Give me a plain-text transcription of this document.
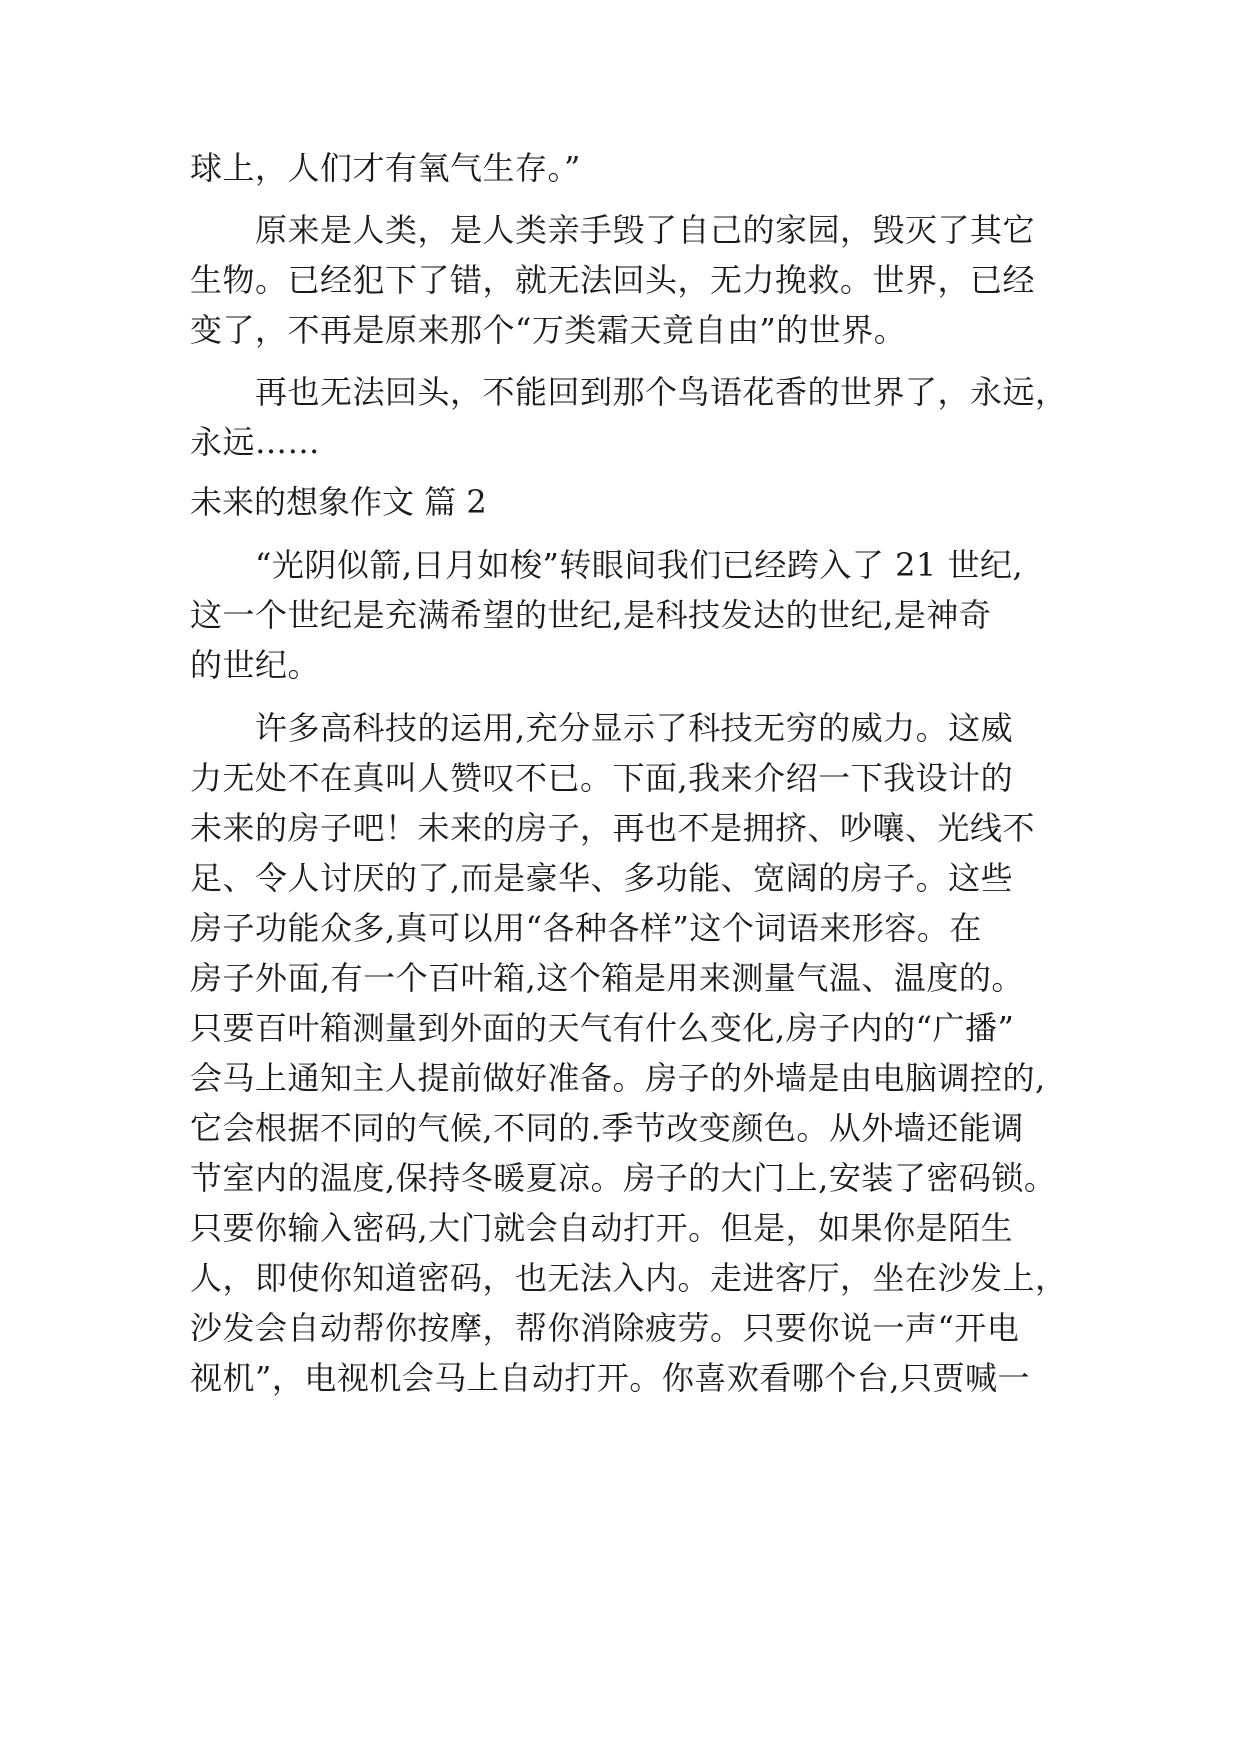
球上，人们才有氧气生存。”
　　原来是人类，是人类亲手毁了自己的家园，毁灭了其它
生物。已经犯下了错，就无法回头，无力挽救。世界，已经
变了，不再是原来那个“万类霜天竟自由”的世界。
　　再也无法回头，不能回到那个鸟语花香的世界了，永远，
永远……
未来的想象作文 篇 2
　　“光阴似箭,日月如梭”转眼间我们已经跨入了 21 世纪,
这一个世纪是充满希望的世纪,是科技发达的世纪,是神奇
的世纪。
　　许多高科技的运用,充分显示了科技无穷的威力。这威
力无处不在真叫人赞叹不已。下面,我来介绍一下我设计的
未来的房子吧！未来的房子，再也不是拥挤、吵嚷、光线不
足、令人讨厌的了,而是豪华、多功能、宽阔的房子。这些
房子功能众多,真可以用“各种各样”这个词语来形容。在
房子外面,有一个百叶箱,这个箱是用来测量气温、温度的。
只要百叶箱测量到外面的天气有什么变化,房子内的“广播”
会马上通知主人提前做好准备。房子的外墙是由电脑调控的,
它会根据不同的气候,不同的.季节改变颜色。从外墙还能调
节室内的温度,保持冬暖夏凉。房子的大门上,安装了密码锁。
只要你输入密码,大门就会自动打开。但是，如果你是陌生
人，即使你知道密码，也无法入内。走进客厅，坐在沙发上，
沙发会自动帮你按摩，帮你消除疲劳。只要你说一声“开电
视机”，电视机会马上自动打开。你喜欢看哪个台,只贾喊一
